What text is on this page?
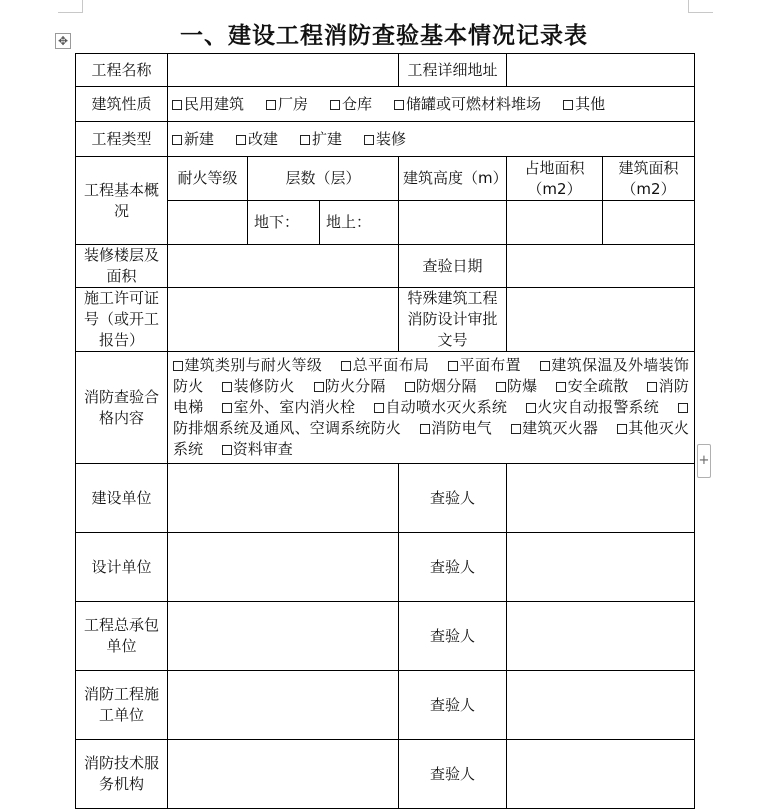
✥
+
一、建设工程消防查验基本情况记录表
工程名称				工程详细地址		
建筑性质	民用建筑 厂房 仓库 储罐或可燃材料堆场 其他					
工程类型	新建 改建 扩建 装修					
工程基本概况	耐火等级	层数（层）		建筑高度（m）	占地面积（m2）	建筑面积（m2）
		地下：	地上：			
装修楼层及面积				查验日期		
施工许可证号（或开工报告）				特殊建筑工程消防设计审批文号		
消防查验合格内容	建筑类别与耐火等级 总平面布局 平面布置 建筑保温及外墙装饰防火 装修防火 防火分隔 防烟分隔 防爆 安全疏散 消防电梯 室外、室内消火栓 自动喷水灭火系统 火灾自动报警系统 防排烟系统及通风、空调系统防火 消防电气 建筑灭火器 其他灭火系统 资料审查					
建设单位				查验人		
设计单位				查验人		
工程总承包单位				查验人		
消防工程施工单位				查验人		
消防技术服务机构				查验人		
